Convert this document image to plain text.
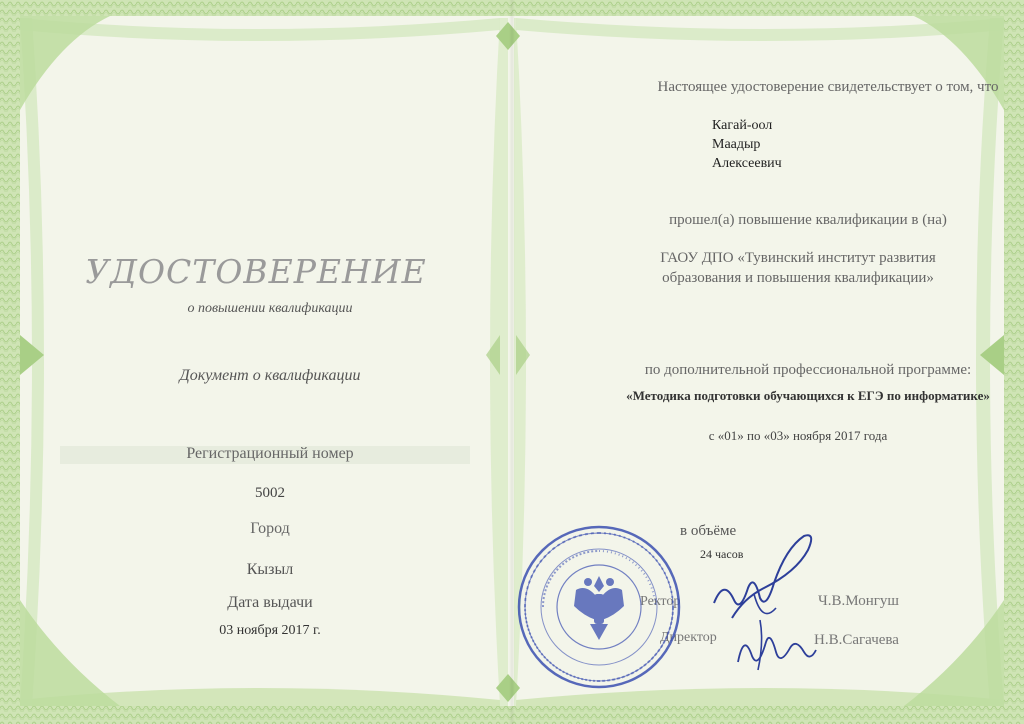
УДОСТОВЕРЕНИЕ
о повышении квалификации
Документ о квалификации
Регистрационный номер
5002
Город
Кызыл
Дата выдачи
03 ноября 2017 г.
Настоящее удостоверение свидетельствует о том, что
Кагай-оол
Маадыр
Алексеевич
прошел(а) повышение квалификации в (на)
ГАОУ ДПО «Тувинский институт развития
образования и повышения квалификации»
по дополнительной профессиональной программе:
«Методика подготовки обучающихся к ЕГЭ по информатике»
с «01» по «03» ноября 2017 года
в объёме
24 часов
Ректор
Директор
Ч.В.Монгуш
Н.В.Сагачева
